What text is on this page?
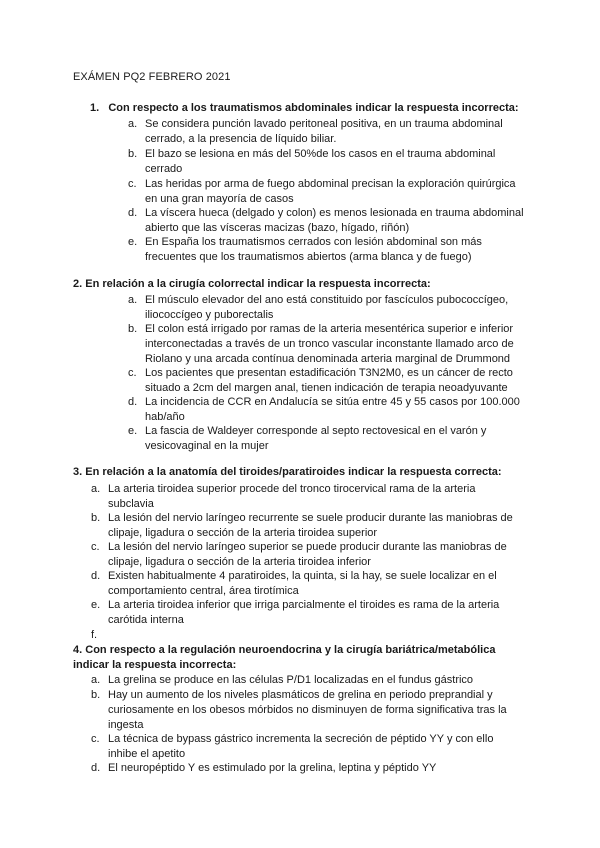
EXÁMEN PQ2 FEBRERO 2021
1. Con respecto a los traumatismos abdominales indicar la respuesta incorrecta:
a. Se considera punción lavado peritoneal positiva, en un trauma abdominal
cerrado, a la presencia de líquido biliar.
b. El bazo se lesiona en más del 50%de los casos en el trauma abdominal
cerrado
c. Las heridas por arma de fuego abdominal precisan la exploración quirúrgica
en una gran mayoría de casos
d. La víscera hueca (delgado y colon) es menos lesionada en trauma abdominal
abierto que las vísceras macizas (bazo, hígado, riñón)
e. En España los traumatismos cerrados con lesión abdominal son más
frecuentes que los traumatismos abiertos (arma blanca y de fuego)
2. En relación a la cirugía colorrectal indicar la respuesta incorrecta:
a. El músculo elevador del ano está constituido por fascículos pubococcígeo,
iliococcígeo y puborectalis
b. El colon está irrigado por ramas de la arteria mesentérica superior e inferior
interconectadas a través de un tronco vascular inconstante llamado arco de
Riolano y una arcada contínua denominada arteria marginal de Drummond
c. Los pacientes que presentan estadificación T3N2M0, es un cáncer de recto
situado a 2cm del margen anal, tienen indicación de terapia neoadyuvante
d. La incidencia de CCR en Andalucía se sitúa entre 45 y 55 casos por 100.000
hab/año
e. La fascia de Waldeyer corresponde al septo rectovesical en el varón y
vesicovaginal en la mujer
3. En relación a la anatomía del tiroides/paratiroides indicar la respuesta correcta:
a. La arteria tiroidea superior procede del tronco tirocervical rama de la arteria
subclavia
b. La lesión del nervio laríngeo recurrente se suele producir durante las maniobras de
clipaje, ligadura o sección de la arteria tiroidea superior
c. La lesión del nervio laríngeo superior se puede producir durante las maniobras de
clipaje, ligadura o sección de la arteria tiroidea inferior
d. Existen habitualmente 4 paratiroides, la quinta, si la hay, se suele localizar en el
comportamiento central, área tirotímica
e. La arteria tiroidea inferior que irriga parcialmente el tiroides es rama de la arteria
carótida interna
f.
4. Con respecto a la regulación neuroendocrina y la cirugía bariátrica/metabólica
indicar la respuesta incorrecta:
a. La grelina se produce en las células P/D1 localizadas en el fundus gástrico
b. Hay un aumento de los niveles plasmáticos de grelina en periodo preprandial y
curiosamente en los obesos mórbidos no disminuyen de forma significativa tras la
ingesta
c. La técnica de bypass gástrico incrementa la secreción de péptido YY y con ello
inhibe el apetito
d. El neuropéptido Y es estimulado por la grelina, leptina y péptido YY
